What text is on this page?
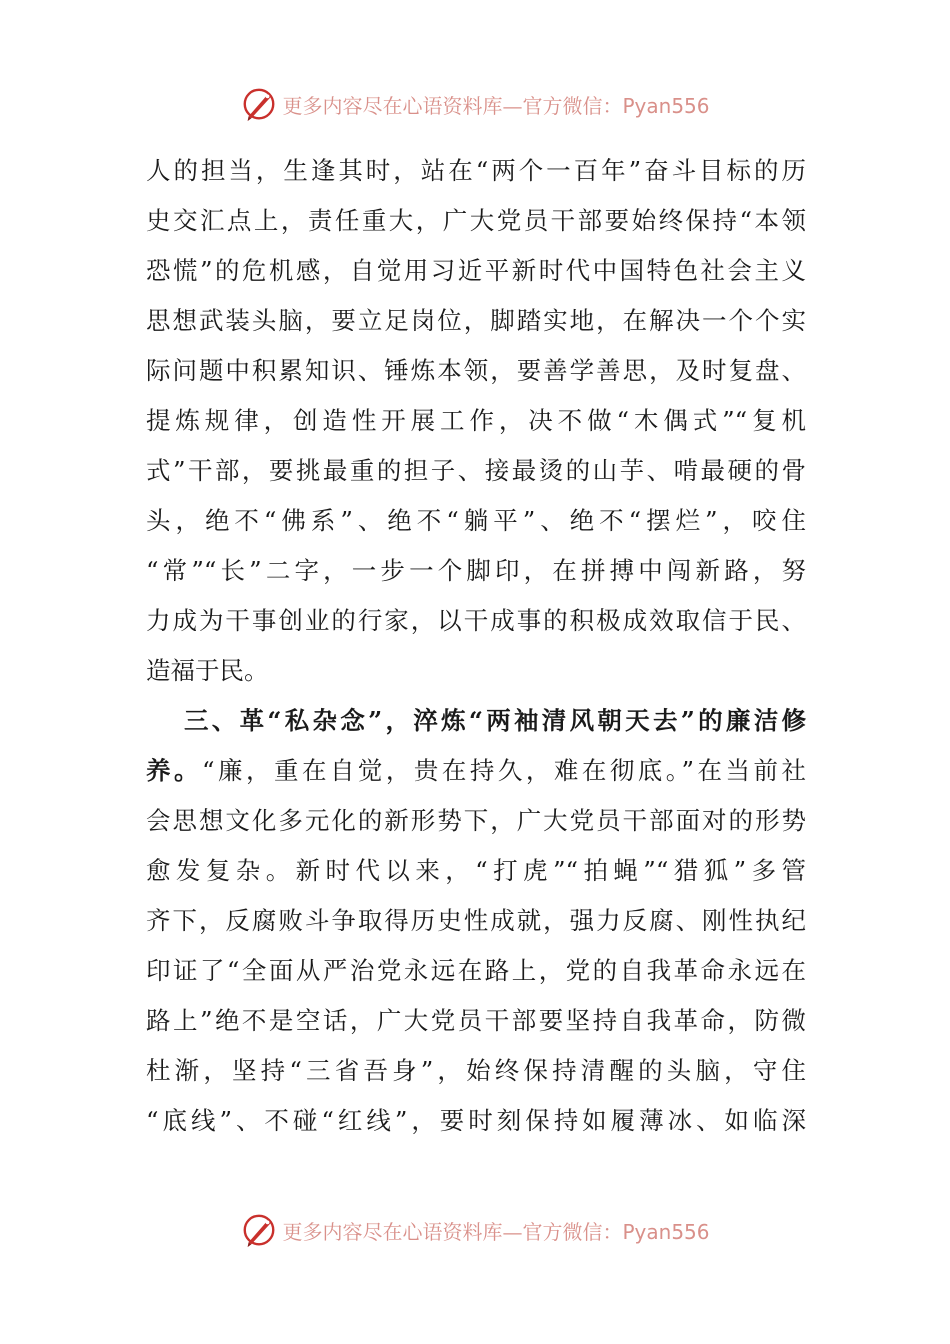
更多内容尽在心语资料库—官方微信：Pyan556
人的担当，生逢其时，站在“两个一百年”奋斗目标的历
史交汇点上，责任重大，广大党员干部要始终保持“本领
恐慌”的危机感，自觉用习近平新时代中国特色社会主义
思想武装头脑，要立足岗位，脚踏实地，在解决一个个实
际问题中积累知识、锤炼本领，要善学善思，及时复盘、
提炼规律，创造性开展工作，决不做“木偶式”“复机
式”干部，要挑最重的担子、接最烫的山芋、啃最硬的骨
头，绝不“佛系”、绝不“躺平”、绝不“摆烂”，咬住
“常”“长”二字，一步一个脚印，在拼搏中闯新路，努
力成为干事创业的行家，以干成事的积极成效取信于民、
造福于民。
三、革“私杂念”，淬炼“两袖清风朝天去”的廉洁修
养。“廉，重在自觉，贵在持久，难在彻底。”在当前社
会思想文化多元化的新形势下，广大党员干部面对的形势
愈发复杂。新时代以来，“打虎”“拍蝇”“猎狐”多管
齐下，反腐败斗争取得历史性成就，强力反腐、刚性执纪
印证了“全面从严治党永远在路上，党的自我革命永远在
路上”绝不是空话，广大党员干部要坚持自我革命，防微
杜渐，坚持“三省吾身”，始终保持清醒的头脑，守住
“底线”、不碰“红线”，要时刻保持如履薄冰、如临深
更多内容尽在心语资料库—官方微信：Pyan556
